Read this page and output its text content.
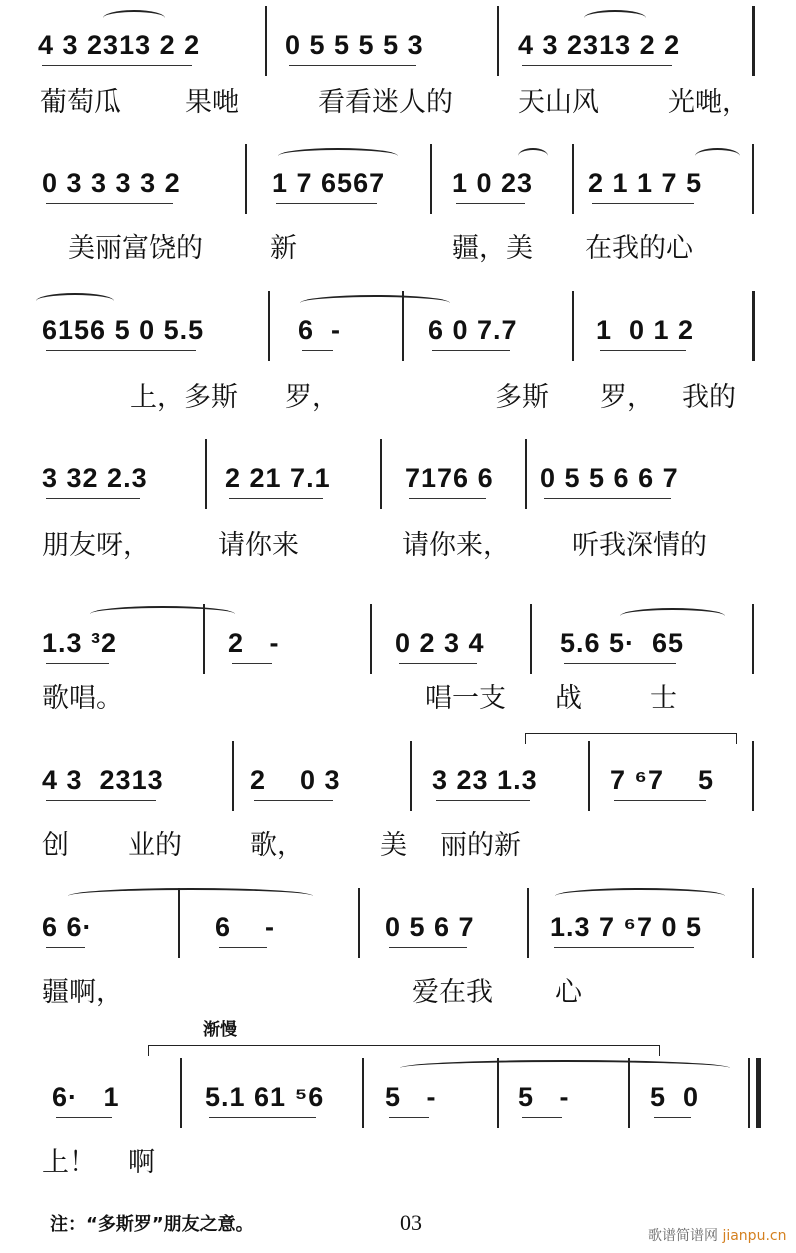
4 3 2313 2 2	0 5 5 5 5 3	4 3 2313 2 2
葡萄瓜 果哋	看看迷人的 天山风	光哋，
0 3 3 3 3 2	1 7 6567 1 0 23 2 1 1 7 5
美丽富饶的 新	疆，美 在我的心
6156 5 0 5.5	6  -	6 0 7.7	1  0 1 2
上，多斯 罗，	多斯 罗， 我的
3 32 2.3	2 21 7.1	7176 6 0 5 5 6 6 7
朋友呀，	请你来	请你来， 听我深情的
1.3 ³2	2   -	0 2 3 4	5.6 5·  65
歌唱。	唱一支 战	士
4 3  2313	2    0 3	3 23 1.3	7 ⁶7    5
创 业的	歌，	美 丽的新
6 6·	6    -	0 5 6 7	1.3 7 ⁶7 0 5
疆啊，	爱在我 心
渐慢
6·   1	5.1 61 ⁵6 5   -	5   -	5  0
上！ 啊
注：“多斯罗”朋友之意。	03
歌谱简谱网 jianpu.cn
